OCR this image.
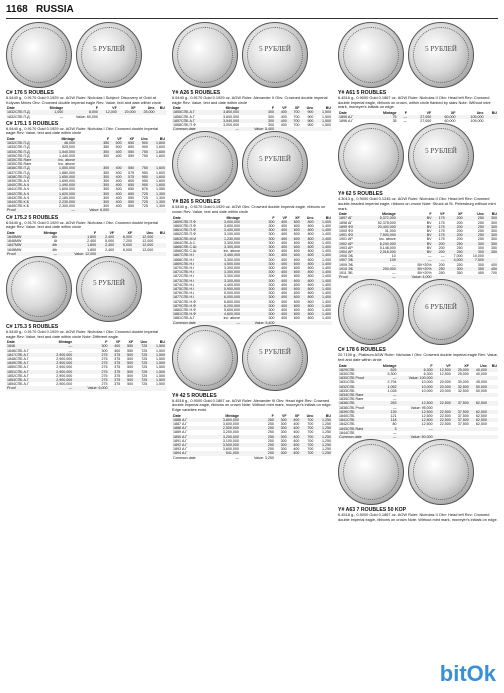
1168 RUSSIA
5 РУБЛЕЙ
C# 176 5 ROUBLES
6.5440 g., 0.9170 Gold 0.1929 oz. AGW Ruler: Nicholas I Subject: Discovery of Gold at Kolyvan Mines Obv: Crowned double imperial eagle Rev: Value, text and date within circle
Date	Mintage	F	VF	XF	Unc	BU
1832СПБ П.Д	1,000	8,000	12,000	20,000	25,000	
1832СПБ П.Д	—	Value: 60,000				
C# 175.1 5 ROUBLES
6.5440 g., 0.9170 Gold 0.1929 oz. AGW Ruler: Nicholas I Obv: Crowned double imperial eagle Rev: Value, text and date within circle
Date	Mintage	F	VF	XF	Unc	BU
1832СПБ П.Д	46,000	350	500	650	900	1,600
1833СПБ П.Д	525,000	350	500	650	900	1,600
1834СПБ П.Д	1,540,000	300	400	550	750	1,600
1835СПБ П.Д	1,440,000	300	400	550	750	1,600
1835СПБ Rare	Inc. above					
1835СПБ Rare	Inc. above					
1836СПБ П.Д	1,550,000	300	400	550	750	1,600
1837СПБ П.Д	1,880,000	300	400	575	950	1,600
1838СПБ П.Д	1,650,000	300	400	575	950	1,600
1839СПБ А.Ч	1,690,000	300	400	600	950	1,600
1840СПБ А.Ч	1,490,000	300	400	650	950	1,600
1841СПБ А.Ч	1,600,000	300	400	650	676	1,550
1842СПБ А.Ч	1,620,000	300	400	650	725	1,300
1843СПБ А.Ч	2,180,000	300	400	550	725	1,300
1844СПБ К.Б	2,230,000	300	400	550	725	1,300
1845СПБ К.Б	2,300,000	300	400	550	725	1,300
Proof	—	Value: 6,000				
C# 175.2 5 ROUBLES
6.5440 g., 0.9170 Gold 0.1929 oz. AGW Ruler: Nicholas I Obv: Crowned double imperial eagle Rev: Value, text and date within circle
Date	Mintage	F	VF	XF	Unc	BU
1845МW	6th	1,800	2,400	6,000	12,000	
1846МW	6t	2,400	5,000	7,200	12,000	
1847МW	4th	1,800	2,400	6,000	12,000	
1848МW	4th	1,800	2,400	6,000	12,000	
Proof	—	Value: 12,000				
5 РУБЛЕЙ
C# 175.3 5 ROUBLES
6.5440 g., 0.9170 Gold 0.1929 oz. AGW Ruler: Nicholas I Obv: Crowned double imperial eagle Rev: Value, text and date within circle Note: Different eagle.
Date	Mintage	F	VF	XF	Unc	BU
1846	—	300	400	550	725	1,500
1846СПБ А.Г	—	300	400	550	725	1,500
1847СПБ А.Г	2,900,000	275	375	500	725	1,500
1848СПБ А.Г	2,900,000	275	375	500	725	1,500
1849СПБ А.Г	2,900,000	275	375	500	725	1,500
1850СПБ А.Г	2,900,000	275	375	500	725	1,500
1851СПБ А.Г	2,900,000	275	375	500	725	1,500
1852СПБ А.Г	2,900,000	275	375	500	725	1,500
1853СПБ А.Г	2,900,000	275	375	500	725	1,500
1854СПБ А.Г	2,900,000	275	375	500	725	1,500
Proof	—	Value: 6,000				
5 РУБЛЕЙ
Y# A26 5 ROUBLES
6.5440 g., 0.9170 Gold 0.1929 oz. AGW Ruler: Alexander II Obv: Crowned double imperial eagle Rev: Value, text and date within circle
Date	Mintage	F	VF	XF	Unc	BU
1855СПБ А.Г	3,800,000	300	400	700	900	1,500
1856СПБ А.Г	3,600,000	300	400	700	900	1,500
1857СПБ А.Г	3,540,000	300	400	700	900	1,500
1858СПБ П.Ф	3,000,000	300	400	700	900	1,500
Common date	—	Value: 5,400				
5 РУБЛЕЙ
Y# B26 5 ROUBLES
6.5440 g., 0.9170 Gold 0.1929 oz. AGW Obv: Crowned double imperial eagle, ribbons on crown Rev: Value, text and date within circle
Date	Mintage	F	VF	XF	Unc	BU
1859СПБ П.Ф	3,000,000	300	400	600	800	1,400
1860СПБ П.Ф	3,600,000	300	400	600	800	1,400
1861СПБ П.Ф	3,400,000	300	400	600	800	1,400
1862СПБ П.Ф	3,100,000	300	400	600	800	1,400
1863СПБ М.И	1,230,000	300	400	600	800	1,400
1864СПБ А.С	3,300,000	300	400	600	800	1,400
1865СПБ С.Ш	3,300,000	300	400	600	800	1,400
1866СПБ С.Ш	inc. above	300	400	600	800	1,400
1867СПБ Н.І	3,450,000	300	400	600	800	1,400
1868СПБ Н.І	3,300,000	300	400	600	800	1,400
1869СПБ Н.І	4,500,000	300	400	600	800	1,400
1870СПБ Н.І	3,300,000	300	400	600	800	1,400
1871СПБ Н.І	3,300,000	300	400	600	800	1,400
1872СПБ Н.І	3,300,000	300	400	600	800	1,400
1873СПБ Н.І	3,300,000	300	400	600	800	1,400
1874СПБ Н.І	4,400,000	300	400	600	800	1,400
1875СПБ Н.І	5,900,000	300	400	600	800	1,400
1876СПБ Н.І	5,000,000	300	400	600	800	1,400
1877СПБ Н.І	6,000,000	300	400	600	800	1,400
1878СПБ Н.Ф	6,800,000	300	400	600	800	1,400
1879СПБ Н.Ф	6,200,000	300	400	600	800	1,400
1880СПБ Н.Ф	5,600,000	300	400	600	800	1,400
1881СПБ Н.Ф	4,600,000	300	400	600	800	1,400
1881СПБ А.Г	inc. above	300	400	600	800	1,400
Common date	—	Value: 5,400				
5 РУБЛЕЙ
Y# 42 5 ROUBLES
6.4516 g., 0.9000 Gold 0.1867 oz. AGW Ruler: Alexander III Obv: Head right Rev: Crowned double imperial eagle, ribbons on crown Note: Without mint mark, moneyer's initials on edge. Edge varieties exist.
Date	Mintage	F	VF	XF	Unc	BU
1886 А.Г	3,800,000	250	300	400	700	1,250
1887 А.Г	3,600,000	250	300	400	700	1,250
1888 А.Г	2,500,000	250	300	400	700	1,250
1889 А.Г	3,200,000	250	300	400	700	1,250
1890 А.Г	3,200,000	250	300	400	700	1,250
1891 А.Г	3,100,000	250	300	400	700	1,250
1892 А.Г	3,500,000	250	300	400	700	1,250
1893 А.Г	3,600,000	250	300	400	700	1,250
1894 А.Г	541,000	250	300	400	700	1,250
Common date	—	Value: 3,250				
5 РУБЛЕЙ
Y# A61 5 ROUBLES
6.4516 g., 0.9000 Gold 0.1867 oz. AGW Ruler: Nicholas II Obv: Head left Rev: Crowned double imperial eagle, ribbons on crown, within circle flanked by stars Note: Without mint mark, moneyer's initials on edge.
Date	Mintage	F	VF	XF	Unc	BU
1895 А.Г	75	—	27,000	60,000	105,000	
1896 А.Г	35	—	27,000	60,000	105,000	
5 РУБЛЕЙ
Y# 62 5 ROUBLES
4.3013 g., 0.9000 Gold 0.1245 oz. AGW Ruler: Nicholas II Obv: Head left Rev: Crowned double-headed imperial eagle, ribbons on crown Note: Struck at St. Petersburg without mint mark.
Date	Mintage	F	VF	XF	Unc	BU
1897 АГ	5,372,000	BV	175	200	250	300
1898 АГ	52,378,000	BV	175	200	250	300
1899 ФЗ	20,400,000	BV	175	200	250	300
1900 ФЗ	31,000	BV	175	200	250	300
1901 ФЗ	7,500,000	BV	175	200	250	300
1901 АР	inc. above	BV	175	200	250	300
1902 АР	6,240,000	BV	200	250	300	350
1903 АР	5,148,000	BV	200	250	300	350
1904 АР	2,016,000	BV	200	250	300	350
1906 ЭБ	10	—	—	7,000	10,000	
1907 ЭБ	109	—	—	4,000	7,500	
1909 ЭБ	—	BV+20%	200	250	300	400
1910 ЭБ	200,000	BV+20%	250	300	350	450
1911 ЭБ	—	BV+20%	250	350	450	700
Proof	—	Value: 4,000				
6 РУБЛЕЙ
C# 178 6 ROUBLES
20.7100 g., Platinum ASW Ruler: Nicholas I Obv: Crowned double imperial eagle Rev: Value, text and date within circle
Date	Mintage	F	VF	XF	Unc	BU
1829СПБ	625	6,300	12,500	25,000	40,000	
1830СПБ	5,300	6,300	12,500	25,000	40,000	
1830СПБ Proof	—	Value: 100,000				
1831СПБ	2,794	10,000	20,000	30,000	45,000	
1832СПБ	1,052	10,000	20,000	32,500	50,000	
1833СПБ	1,028	10,000	20,000	32,500	50,000	
1834СПБ Rare	—					
1835СПБ Rare	—					
1836СПБ	263	12,500	22,500	37,500	62,500	
1838СПБ Proof	—	Value: 95,000				
1839СПБ	139	12,500	22,500	37,500	62,500	
1840СПБ	121	12,500	22,500	37,500	62,500	
1841СПБ	118	12,500	22,500	37,500	62,500	
1842СПБ	80	12,500	22,500	37,500	62,500	
1843СПБ Rare	3	—				
1844СПБ	—					
Common date	—	Value: 50,000				
Y# A63 7 ROUBLES 50 KOP
6.4516 g., 0.9000 Gold 0.1867 oz. AGW Ruler: Nicholas II Obv: Head left Rev: Crowned double imperial eagle, ribbons on crown Note: Without mint mark, moneyer's initials on edge.
bitOk
